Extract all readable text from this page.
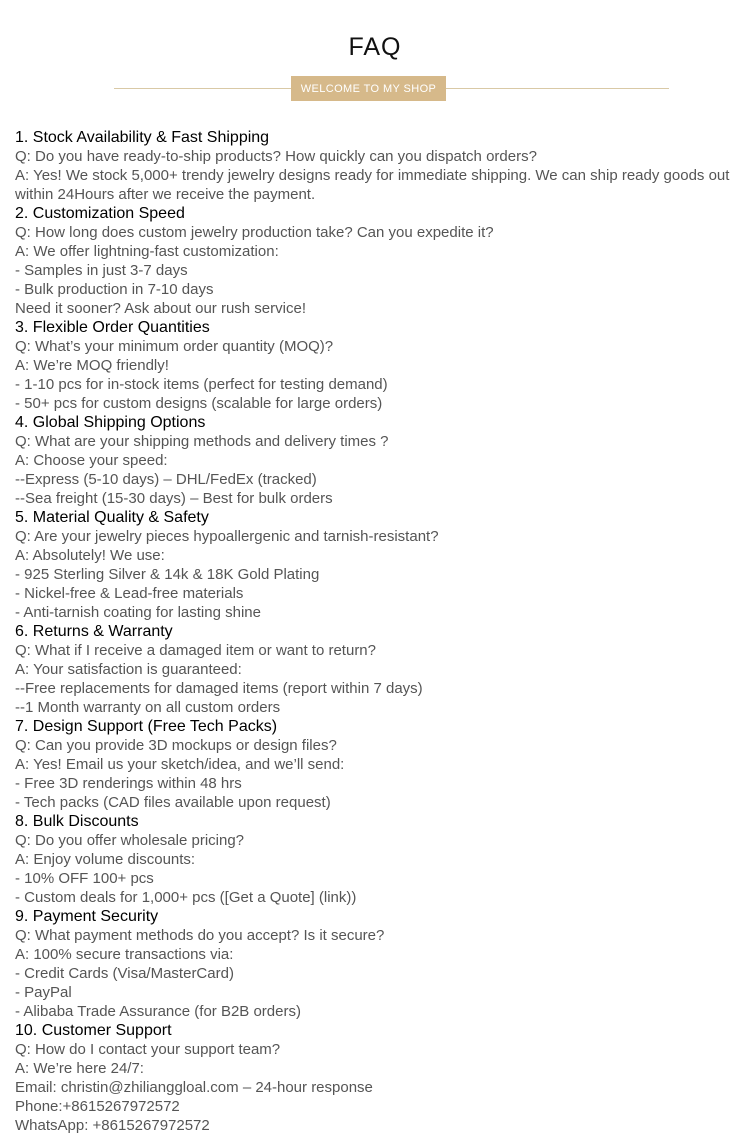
FAQ
WELCOME TO MY SHOP
1. Stock Availability & Fast Shipping
Q: Do you have ready-to-ship products? How quickly can you dispatch orders?
A: Yes! We stock 5,000+ trendy jewelry designs ready for immediate shipping. We can ship ready goods out within 24Hours after we receive the payment.
2. Customization Speed
Q: How long does custom jewelry production take? Can you expedite it?
A: We offer lightning-fast customization:
- Samples in just 3-7 days
- Bulk production in 7-10 days
Need it sooner? Ask about our rush service!
3. Flexible Order Quantities
Q: What’s your minimum order quantity (MOQ)?
A: We’re MOQ friendly!
- 1-10 pcs for in-stock items (perfect for testing demand)
- 50+ pcs for custom designs (scalable for large orders)
4. Global Shipping Options
Q: What are your shipping methods and delivery times ?
A: Choose your speed:
--Express (5-10 days) – DHL/FedEx (tracked)
--Sea freight (15-30 days) – Best for bulk orders
5. Material Quality & Safety
Q: Are your jewelry pieces hypoallergenic and tarnish-resistant?
A: Absolutely! We use:
- 925 Sterling Silver & 14k & 18K Gold Plating
- Nickel-free & Lead-free materials
- Anti-tarnish coating for lasting shine
6. Returns & Warranty
Q: What if I receive a damaged item or want to return?
A: Your satisfaction is guaranteed:
--Free replacements for damaged items (report within 7 days)
--1 Month warranty on all custom orders
7. Design Support (Free Tech Packs)
Q: Can you provide 3D mockups or design files?
A: Yes! Email us your sketch/idea, and we’ll send:
- Free 3D renderings within 48 hrs
- Tech packs (CAD files available upon request)
8. Bulk Discounts
Q: Do you offer wholesale pricing?
A: Enjoy volume discounts:
- 10% OFF 100+ pcs
- Custom deals for 1,000+ pcs ([Get a Quote] (link))
9. Payment Security
Q: What payment methods do you accept? Is it secure?
A: 100% secure transactions via:
- Credit Cards (Visa/MasterCard)
- PayPal
- Alibaba Trade Assurance (for B2B orders)
10. Customer Support
Q: How do I contact your support team?
A: We’re here 24/7:
Email: christin@zhilianggloal.com – 24-hour response
Phone:+8615267972572
WhatsApp: +8615267972572
